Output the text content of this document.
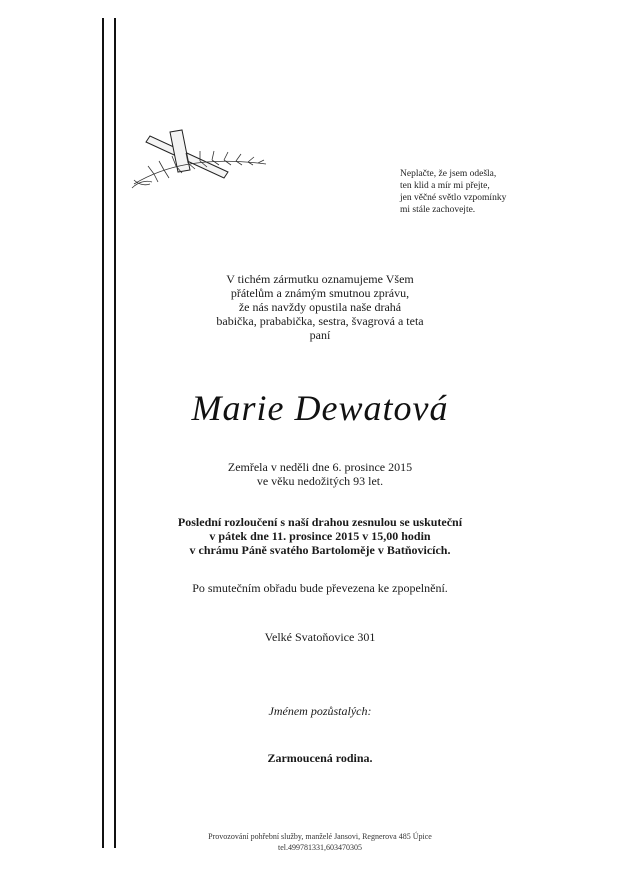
Neplačte, že jsem odešla,
ten klid a mír mi přejte,
jen věčné světlo vzpomínky
mi stále zachovejte.
V tichém zármutku oznamujeme Všem
přátelům a známým smutnou zprávu,
že nás navždy opustila naše drahá
babička, prababička, sestra, švagrová a teta
paní
Marie Dewatová
Zemřela v neděli dne 6. prosince 2015
ve věku nedožitých 93 let.
Poslední rozloučení s naší drahou zesnulou se uskuteční
v pátek dne 11. prosince 2015 v 15,00 hodin
v chrámu Páně svatého Bartoloměje v Batňovicích.
Po smutečním obřadu bude převezena ke zpopelnění.
Velké Svatoňovice 301
Jménem pozůstalých:
Zarmoucená rodina.
Provozování pohřební služby, manželé Jansovi, Regnerova 485 Úpice
tel.499781331,603470305
